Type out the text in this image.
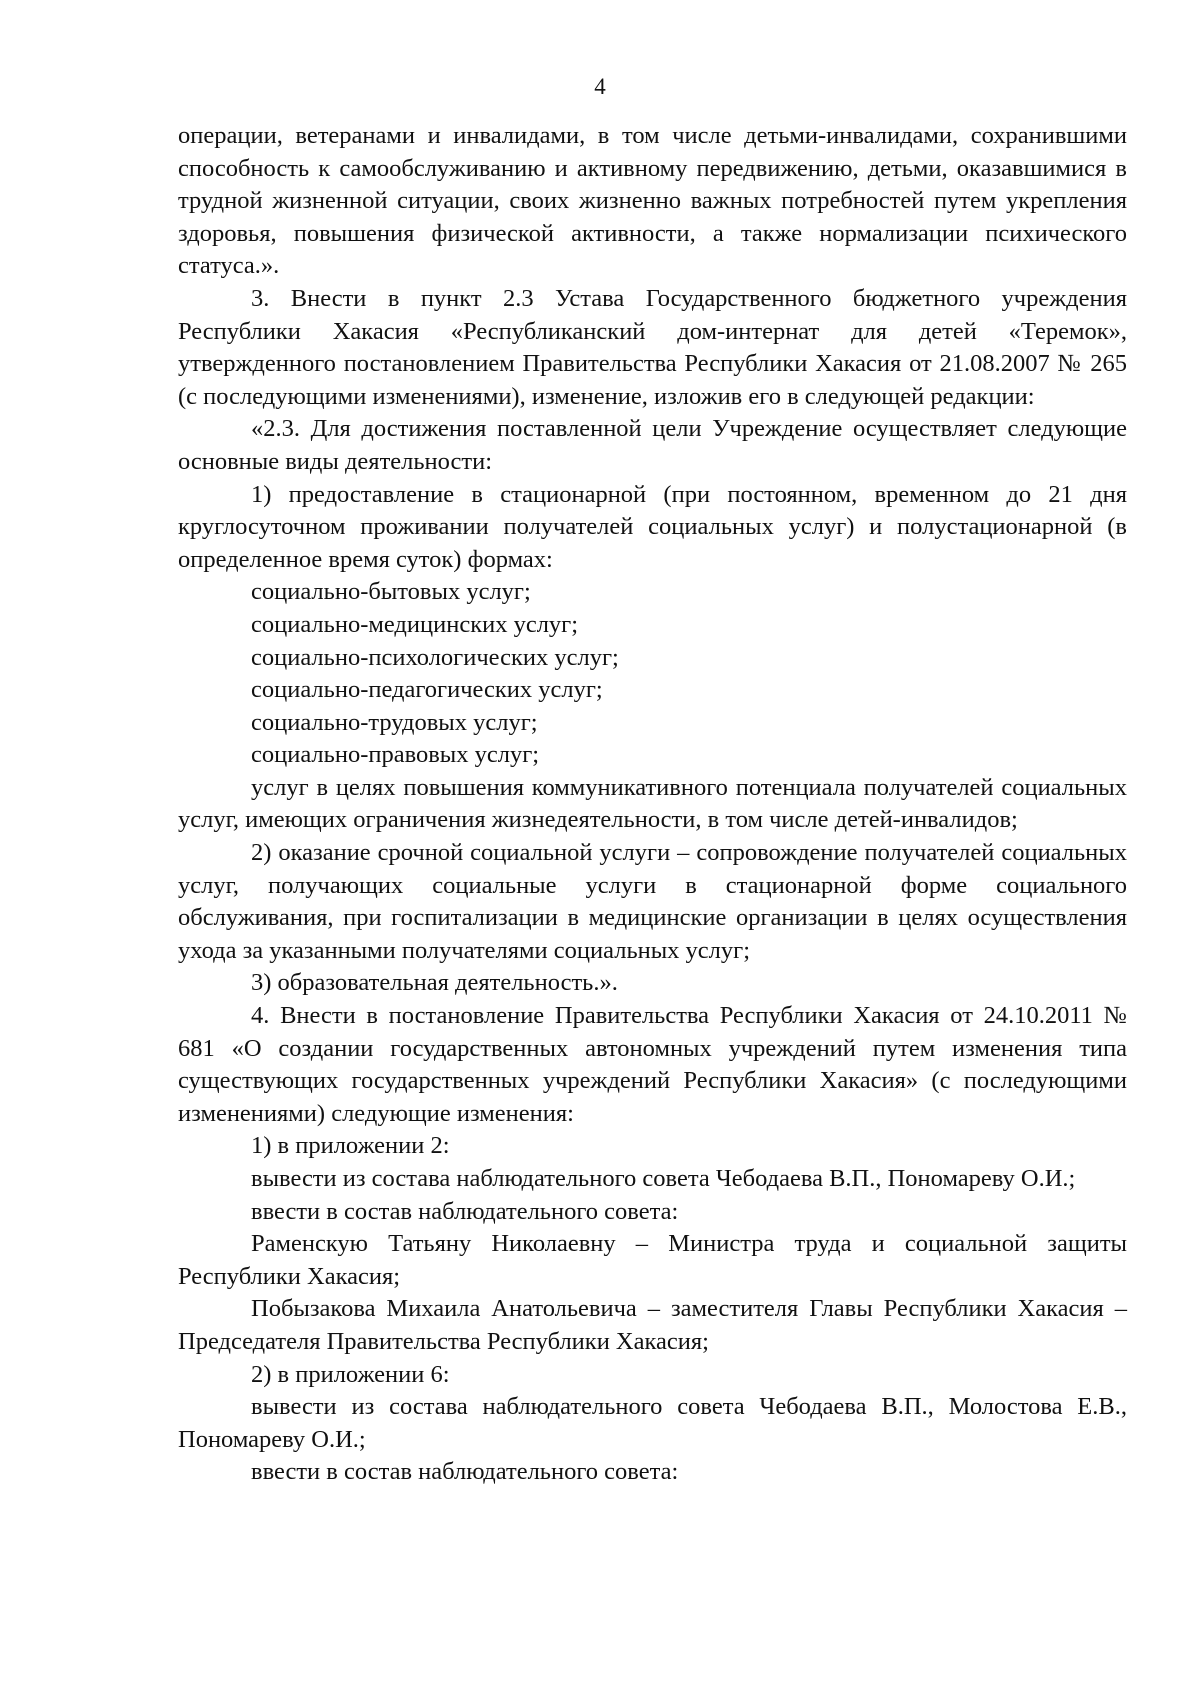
4

операции, ветеранами и инвалидами, в том числе детьми-инвалидами, сохранившими способность к самообслуживанию и активному передвижению, детьми, оказавшимися в трудной жизненной ситуации, своих жизненно важных потребностей путем укрепления здоровья, повышения физической активности, а также нормализации психического статуса.».

3. Внести в пункт 2.3 Устава Государственного бюджетного учреждения Республики Хакасия «Республиканский дом-интернат для детей «Теремок», утвержденного постановлением Правительства Республики Хакасия от 21.08.2007 № 265 (с последующими изменениями), изменение, изложив его в следующей редакции:

«2.3. Для достижения поставленной цели Учреждение осуществляет следующие основные виды деятельности:

1) предоставление в стационарной (при постоянном, временном до 21 дня круглосуточном проживании получателей социальных услуг) и полустационарной (в определенное время суток) формах:

социально-бытовых услуг;

социально-медицинских услуг;

социально-психологических услуг;

социально-педагогических услуг;

социально-трудовых услуг;

социально-правовых услуг;

услуг в целях повышения коммуникативного потенциала получателей социальных услуг, имеющих ограничения жизнедеятельности, в том числе детей-инвалидов;

2) оказание срочной социальной услуги – сопровождение получателей социальных услуг, получающих социальные услуги в стационарной форме социального обслуживания, при госпитализации в медицинские организации в целях осуществления ухода за указанными получателями социальных услуг;

3) образовательная деятельность.».

4. Внести в постановление Правительства Республики Хакасия от 24.10.2011 № 681 «О создании государственных автономных учреждений путем изменения типа существующих государственных учреждений Республики Хакасия» (с последующими изменениями) следующие изменения:

1) в приложении 2:

вывести из состава наблюдательного совета Чебодаева В.П., Пономареву О.И.;

ввести в состав наблюдательного совета:

Раменскую Татьяну Николаевну – Министра труда и социальной защиты Республики Хакасия;

Побызакова Михаила Анатольевича – заместителя Главы Республики Хакасия – Председателя Правительства Республики Хакасия;

2) в приложении 6:

вывести из состава наблюдательного совета Чебодаева В.П., Молостова Е.В., Пономареву О.И.;

ввести в состав наблюдательного совета:
